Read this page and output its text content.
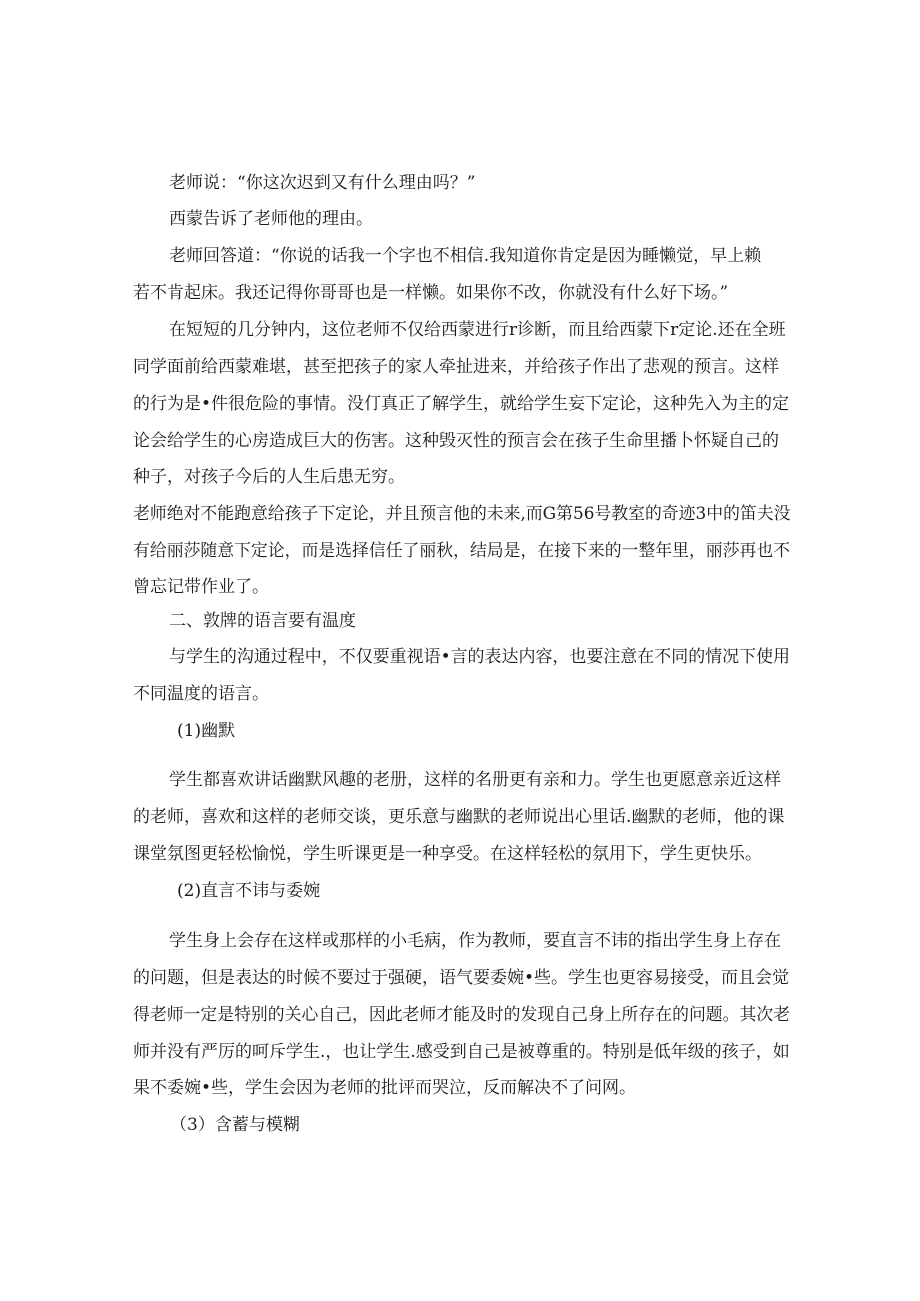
老师说：“你这次迟到又有什么理由吗？”
西蒙告诉了老师他的理由。
老师回答道：“你说的话我一个字也不相信.我知道你肯定是因为睡懒觉，早上赖
若不肯起床。我还记得你哥哥也是一样懒。如果你不改，你就没有什么好下场。”
在短短的几分钟内，这位老师不仅给西蒙进行r诊断，而且给西蒙下r定论.还在全班
同学面前给西蒙难堪，甚至把孩子的家人牵扯进来，并给孩子作出了悲观的预言。这样
的行为是•件很危险的事情。没仃真正了解学生，就给学生妄下定论，这种先入为主的定
论会给学生的心房造成巨大的伤害。这种毁灭性的预言会在孩子生命里播卜怀疑自己的
种子，对孩子今后的人生后患无穷。
老师绝对不能跑意给孩子下定论，并且预言他的未来,而G第56号教室的奇迹3中的笛夫没
有给丽莎随意下定论，而是选择信任了丽秋，结局是，在接下来的一整年里，丽莎再也不
曾忘记带作业了。
二、敦牌的语言要有温度
与学生的沟通过程中，不仅要重视语•言的表达内容，也要注意在不同的情况下使用
不同温度的语言。
(1)幽默
学生都喜欢讲话幽默风趣的老册，这样的名册更有亲和力。学生也更愿意亲近这样
的老师，喜欢和这样的老师交谈，更乐意与幽默的老师说出心里话.幽默的老师，他的课
课堂氛图更轻松愉悦，学生听课更是一种享受。在这样轻松的氛用下，学生更快乐。
(2)直言不讳与委婉
学生身上会存在这样或那样的小毛病，作为教师，要直言不讳的指出学生身上存在
的问题，但是表达的时候不要过于强硬，语气要委婉•些。学生也更容易接受，而且会觉
得老师一定是特别的关心自己，因此老师才能及时的发现自己身上所存在的问题。其次老
师并没有严厉的呵斥学生.，也让学生.感受到自己是被尊重的。特别是低年级的孩子，如
果不委婉•些，学生会因为老师的批评而哭泣，反而解决不了问网。
（3）含蓄与模糊
